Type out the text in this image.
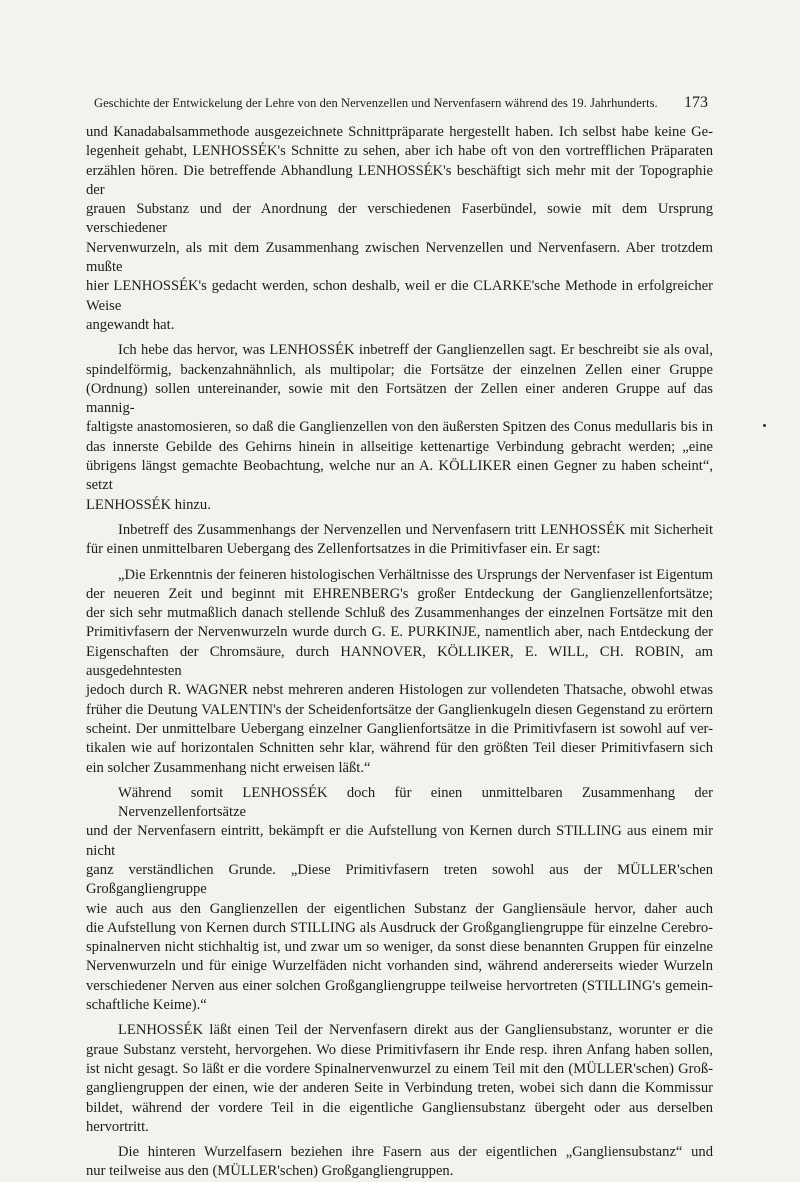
Geschichte der Entwickelung der Lehre von den Nervenzellen und Nervenfasern während des 19. Jahrhunderts. 173

und Kanadabalsammethode ausgezeichnete Schnittpräparate hergestellt haben. Ich selbst habe keine Ge-
legenheit gehabt, LENHOSSÉK's Schnitte zu sehen, aber ich habe oft von den vortrefflichen Präparaten
erzählen hören. Die betreffende Abhandlung LENHOSSÉK's beschäftigt sich mehr mit der Topographie der
grauen Substanz und der Anordnung der verschiedenen Faserbündel, sowie mit dem Ursprung verschiedener
Nervenwurzeln, als mit dem Zusammenhang zwischen Nervenzellen und Nervenfasern. Aber trotzdem mußte
hier LENHOSSÉK's gedacht werden, schon deshalb, weil er die CLARKE'sche Methode in erfolgreicher Weise
angewandt hat.

Ich hebe das hervor, was LENHOSSÉK inbetreff der Ganglienzellen sagt. Er beschreibt sie als oval,
spindelförmig, backenzahnähnlich, als multipolar; die Fortsätze der einzelnen Zellen einer Gruppe
(Ordnung) sollen untereinander, sowie mit den Fortsätzen der Zellen einer anderen Gruppe auf das mannig-
faltigste anastomosieren, so daß die Ganglienzellen von den äußersten Spitzen des Conus medullaris bis in
das innerste Gebilde des Gehirns hinein in allseitige kettenartige Verbindung gebracht werden; „eine
übrigens längst gemachte Beobachtung, welche nur an A. KÖLLIKER einen Gegner zu haben scheint“, setzt
LENHOSSÉK hinzu.

Inbetreff des Zusammenhangs der Nervenzellen und Nervenfasern tritt LENHOSSÉK mit Sicherheit
für einen unmittelbaren Uebergang des Zellenfortsatzes in die Primitivfaser ein. Er sagt:

„Die Erkenntnis der feineren histologischen Verhältnisse des Ursprungs der Nervenfaser ist Eigentum
der neueren Zeit und beginnt mit EHRENBERG's großer Entdeckung der Ganglienzellenfortsätze;
der sich sehr mutmaßlich danach stellende Schluß des Zusammenhanges der einzelnen Fortsätze mit den
Primitivfasern der Nervenwurzeln wurde durch G. E. PURKINJE, namentlich aber, nach Entdeckung der
Eigenschaften der Chromsäure, durch HANNOVER, KÖLLIKER, E. WILL, CH. ROBIN, am ausgedehntesten
jedoch durch R. WAGNER nebst mehreren anderen Histologen zur vollendeten Thatsache, obwohl etwas
früher die Deutung VALENTIN's der Scheidenfortsätze der Ganglienkugeln diesen Gegenstand zu erörtern
scheint. Der unmittelbare Uebergang einzelner Ganglienfortsätze in die Primitivfasern ist sowohl auf ver-
tikalen wie auf horizontalen Schnitten sehr klar, während für den größten Teil dieser Primitivfasern sich
ein solcher Zusammenhang nicht erweisen läßt.“

Während somit LENHOSSÉK doch für einen unmittelbaren Zusammenhang der Nervenzellenfortsätze
und der Nervenfasern eintritt, bekämpft er die Aufstellung von Kernen durch STILLING aus einem mir nicht
ganz verständlichen Grunde. „Diese Primitivfasern treten sowohl aus der MÜLLER'schen Großgangliengruppe
wie auch aus den Ganglienzellen der eigentlichen Substanz der Gangliensäule hervor, daher auch
die Aufstellung von Kernen durch STILLING als Ausdruck der Großgangliengruppe für einzelne Cerebro-
spinalnerven nicht stichhaltig ist, und zwar um so weniger, da sonst diese benannten Gruppen für einzelne
Nervenwurzeln und für einige Wurzelfäden nicht vorhanden sind, während andererseits wieder Wurzeln
verschiedener Nerven aus einer solchen Großgangliengruppe teilweise hervortreten (STILLING's gemein-
schaftliche Keime).“

LENHOSSÉK läßt einen Teil der Nervenfasern direkt aus der Gangliensubstanz, worunter er die
graue Substanz versteht, hervorgehen. Wo diese Primitivfasern ihr Ende resp. ihren Anfang haben sollen,
ist nicht gesagt. So läßt er die vordere Spinalnervenwurzel zu einem Teil mit den (MÜLLER'schen) Groß-
gangliengruppen der einen, wie der anderen Seite in Verbindung treten, wobei sich dann die Kommissur
bildet, während der vordere Teil in die eigentliche Gangliensubstanz übergeht oder aus derselben hervortritt.

Die hinteren Wurzelfasern beziehen ihre Fasern aus der eigentlichen „Gangliensubstanz“ und
nur teilweise aus den (MÜLLER'schen) Großgangliengruppen.
